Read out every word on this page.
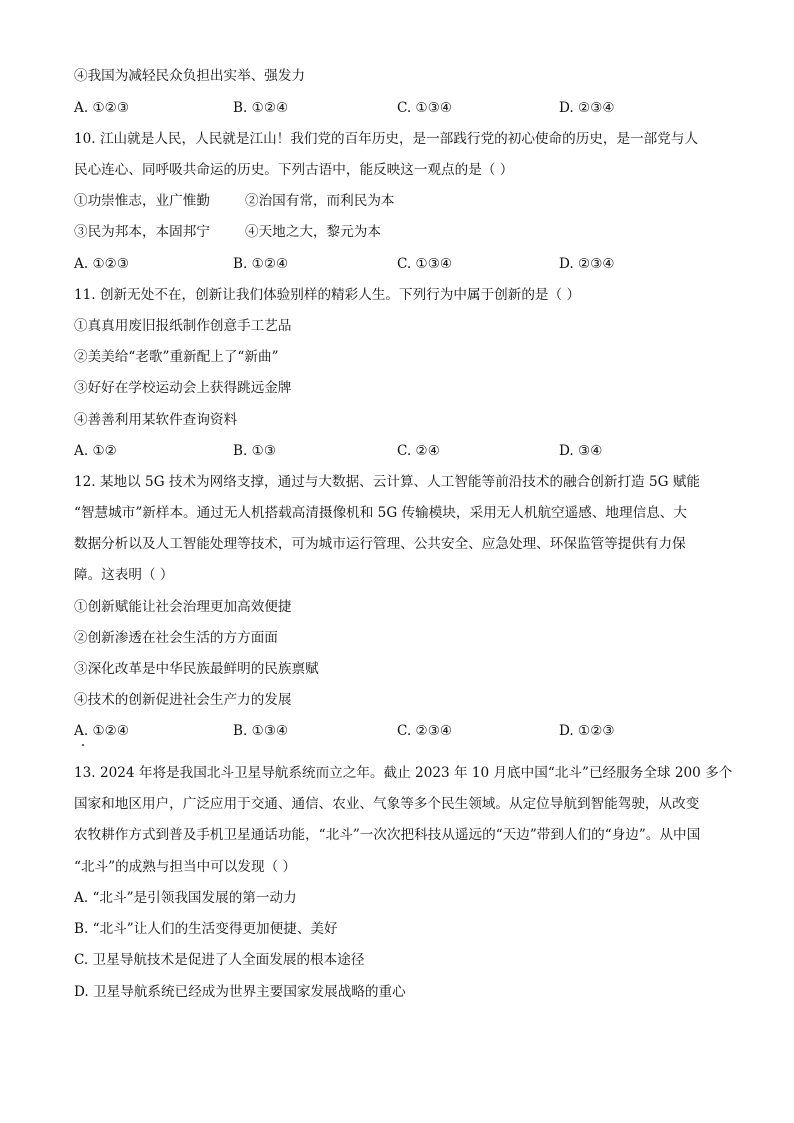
④我国为减轻民众负担出实举、强发力
A. ①②③	B. ①②④	C. ①③④	D. ②③④
10. 江山就是人民，人民就是江山！我们党的百年历史，是一部践行党的初心使命的历史，是一部党与人
民心连心、同呼吸共命运的历史。下列古语中，能反映这一观点的是（ ）
①功崇惟志，业广惟勤	②治国有常，而利民为本
③民为邦本，本固邦宁	④天地之大，黎元为本
A. ①②③	B. ①②④	C. ①③④	D. ②③④
11. 创新无处不在，创新让我们体验别样的精彩人生。下列行为中属于创新的是（ ）
①真真用废旧报纸制作创意手工艺品
②美美给“老歌”重新配上了“新曲”
③好好在学校运动会上获得跳远金牌
④善善利用某软件查询资料
A. ①②	B. ①③	C. ②④	D. ③④
12. 某地以 5G 技术为网络支撑，通过与大数据、云计算、人工智能等前沿技术的融合创新打造 5G 赋能
“智慧城市”新样本。通过无人机搭载高清摄像机和 5G 传输模块，采用无人机航空遥感、地理信息、大
数据分析以及人工智能处理等技术，可为城市运行管理、公共安全、应急处理、环保监管等提供有力保
障。这表明（ ）
①创新赋能让社会治理更加高效便捷
②创新渗透在社会生活的方方面面
③深化改革是中华民族最鲜明的民族禀赋
④技术的创新促进社会生产力的发展
A. ①②④	B. ①③④	C. ②③④	D. ①②③
13. 2024 年将是我国北斗卫星导航系统而立之年。截止 2023 年 10 月底中国“北斗”已经服务全球 200 多个
国家和地区用户，广泛应用于交通、通信、农业、气象等多个民生领域。从定位导航到智能驾驶，从改变
农牧耕作方式到普及手机卫星通话功能，“北斗”一次次把科技从遥远的“天边”带到人们的“身边”。从中国
“北斗”的成熟与担当中可以发现（ ）
A. “北斗”是引领我国发展的第一动力
B. “北斗”让人们的生活变得更加便捷、美好
C. 卫星导航技术是促进了人全面发展的根本途径
D. 卫星导航系统已经成为世界主要国家发展战略的重心
